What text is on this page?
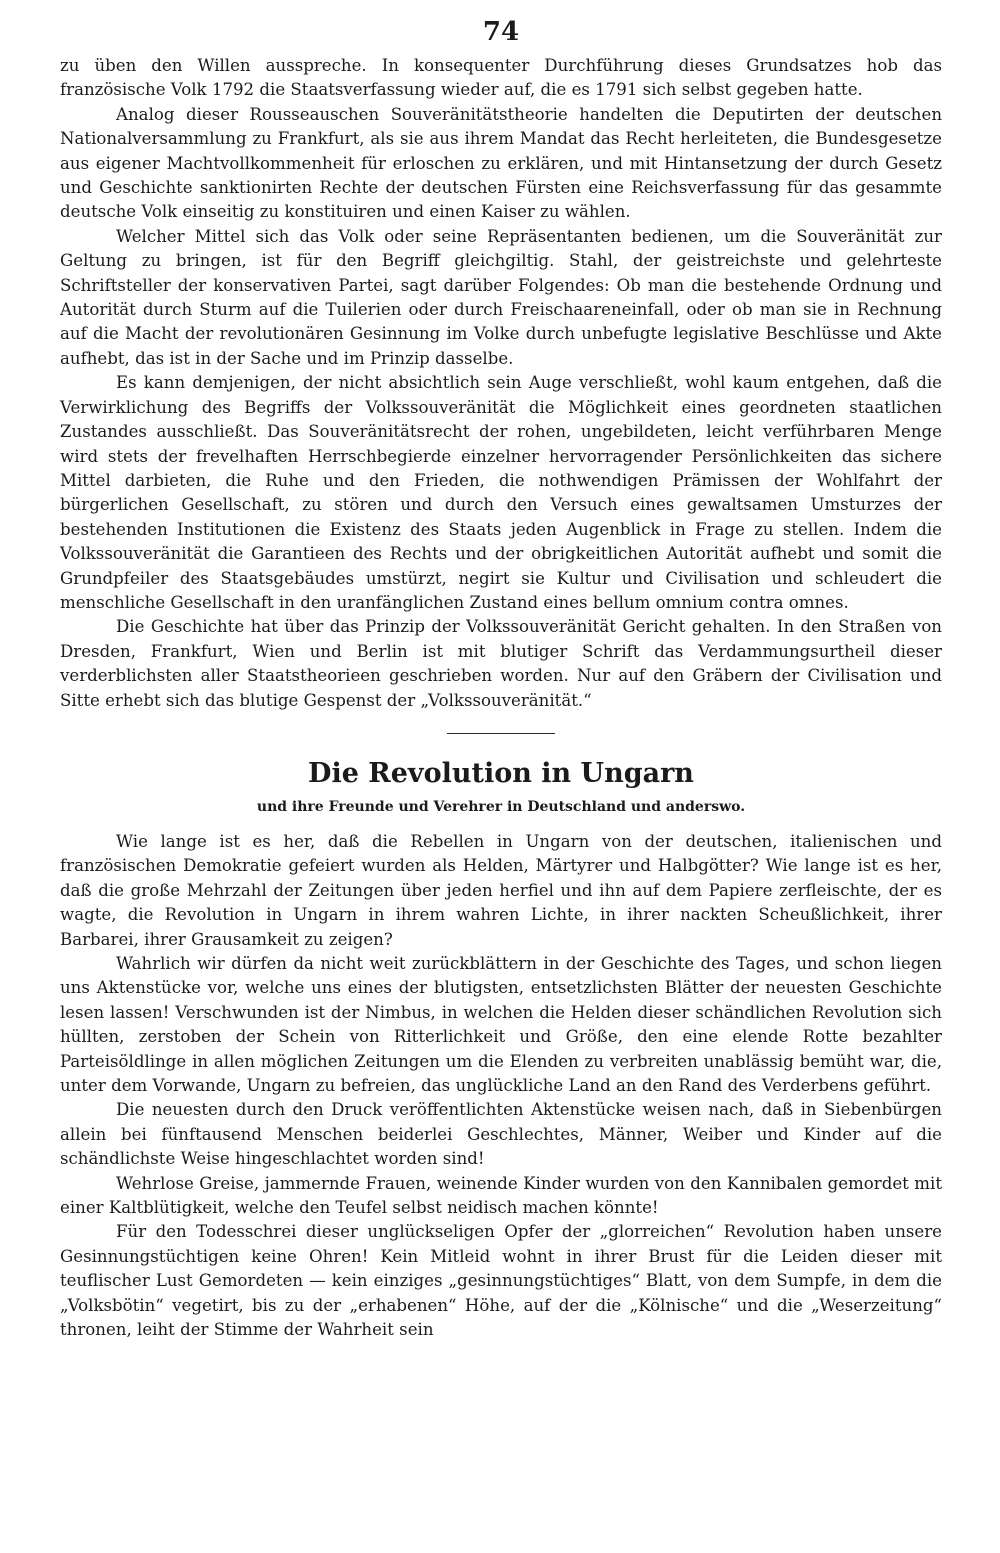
74

zu üben den Willen ausspreche. In konsequenter Durchführung dieses Grundsatzes hob das französische Volk 1792 die Staatsverfassung wieder auf, die es 1791 sich selbst gegeben hatte.

Analog dieser Rousseauschen Souveränitätstheorie handelten die Deputirten der deutschen Nationalversammlung zu Frankfurt, als sie aus ihrem Mandat das Recht herleiteten, die Bundesgesetze aus eigener Machtvollkommenheit für erloschen zu erklären, und mit Hintansetzung der durch Gesetz und Geschichte sanktionirten Rechte der deutschen Fürsten eine Reichsverfassung für das gesammte deutsche Volk einseitig zu konstituiren und einen Kaiser zu wählen.

Welcher Mittel sich das Volk oder seine Repräsentanten bedienen, um die Souveränität zur Geltung zu bringen, ist für den Begriff gleichgiltig. Stahl, der geistreichste und gelehrteste Schriftsteller der konservativen Partei, sagt darüber Folgendes: Ob man die bestehende Ordnung und Autorität durch Sturm auf die Tuilerien oder durch Freischaareneinfall, oder ob man sie in Rechnung auf die Macht der revolutionären Gesinnung im Volke durch unbefugte legislative Beschlüsse und Akte aufhebt, das ist in der Sache und im Prinzip dasselbe.

Es kann demjenigen, der nicht absichtlich sein Auge verschließt, wohl kaum entgehen, daß die Verwirklichung des Begriffs der Volkssouveränität die Möglichkeit eines geordneten staatlichen Zustandes ausschließt. Das Souveränitätsrecht der rohen, ungebildeten, leicht verführbaren Menge wird stets der frevelhaften Herrschbegierde einzelner hervorragender Persönlichkeiten das sichere Mittel darbieten, die Ruhe und den Frieden, die nothwendigen Prämissen der Wohlfahrt der bürgerlichen Gesellschaft, zu stören und durch den Versuch eines gewaltsamen Umsturzes der bestehenden Institutionen die Existenz des Staats jeden Augenblick in Frage zu stellen. Indem die Volkssouveränität die Garantieen des Rechts und der obrigkeitlichen Autorität aufhebt und somit die Grundpfeiler des Staatsgebäudes umstürzt, negirt sie Kultur und Civilisation und schleudert die menschliche Gesellschaft in den uranfänglichen Zustand eines bellum omnium contra omnes.

Die Geschichte hat über das Prinzip der Volkssouveränität Gericht gehalten. In den Straßen von Dresden, Frankfurt, Wien und Berlin ist mit blutiger Schrift das Verdammungsurtheil dieser verderblichsten aller Staatstheorieen geschrieben worden. Nur auf den Gräbern der Civilisation und Sitte erhebt sich das blutige Gespenst der „Volkssouveränität.“

Die Revolution in Ungarn
und ihre Freunde und Verehrer in Deutschland und anderswo.

Wie lange ist es her, daß die Rebellen in Ungarn von der deutschen, italienischen und französischen Demokratie gefeiert wurden als Helden, Märtyrer und Halbgötter? Wie lange ist es her, daß die große Mehrzahl der Zeitungen über jeden herfiel und ihn auf dem Papiere zerfleischte, der es wagte, die Revolution in Ungarn in ihrem wahren Lichte, in ihrer nackten Scheußlichkeit, ihrer Barbarei, ihrer Grausamkeit zu zeigen?

Wahrlich wir dürfen da nicht weit zurückblättern in der Geschichte des Tages, und schon liegen uns Aktenstücke vor, welche uns eines der blutigsten, entsetzlichsten Blätter der neuesten Geschichte lesen lassen! Verschwunden ist der Nimbus, in welchen die Helden dieser schändlichen Revolution sich hüllten, zerstoben der Schein von Ritterlichkeit und Größe, den eine elende Rotte bezahlter Parteisöldlinge in allen möglichen Zeitungen um die Elenden zu verbreiten unablässig bemüht war, die, unter dem Vorwande, Ungarn zu befreien, das unglückliche Land an den Rand des Verderbens geführt.

Die neuesten durch den Druck veröffentlichten Aktenstücke weisen nach, daß in Siebenbürgen allein bei fünftausend Menschen beiderlei Geschlechtes, Männer, Weiber und Kinder auf die schändlichste Weise hingeschlachtet worden sind!

Wehrlose Greise, jammernde Frauen, weinende Kinder wurden von den Kannibalen gemordet mit einer Kaltblütigkeit, welche den Teufel selbst neidisch machen könnte!

Für den Todesschrei dieser unglückseligen Opfer der „glorreichen“ Revolution haben unsere Gesinnungstüchtigen keine Ohren! Kein Mitleid wohnt in ihrer Brust für die Leiden dieser mit teuflischer Lust Gemordeten — kein einziges „gesinnungstüchtiges“ Blatt, von dem Sumpfe, in dem die „Volksbötin“ vegetirt, bis zu der „erhabenen“ Höhe, auf der die „Kölnische“ und die „Weserzeitung“ thronen, leiht der Stimme der Wahrheit sein
